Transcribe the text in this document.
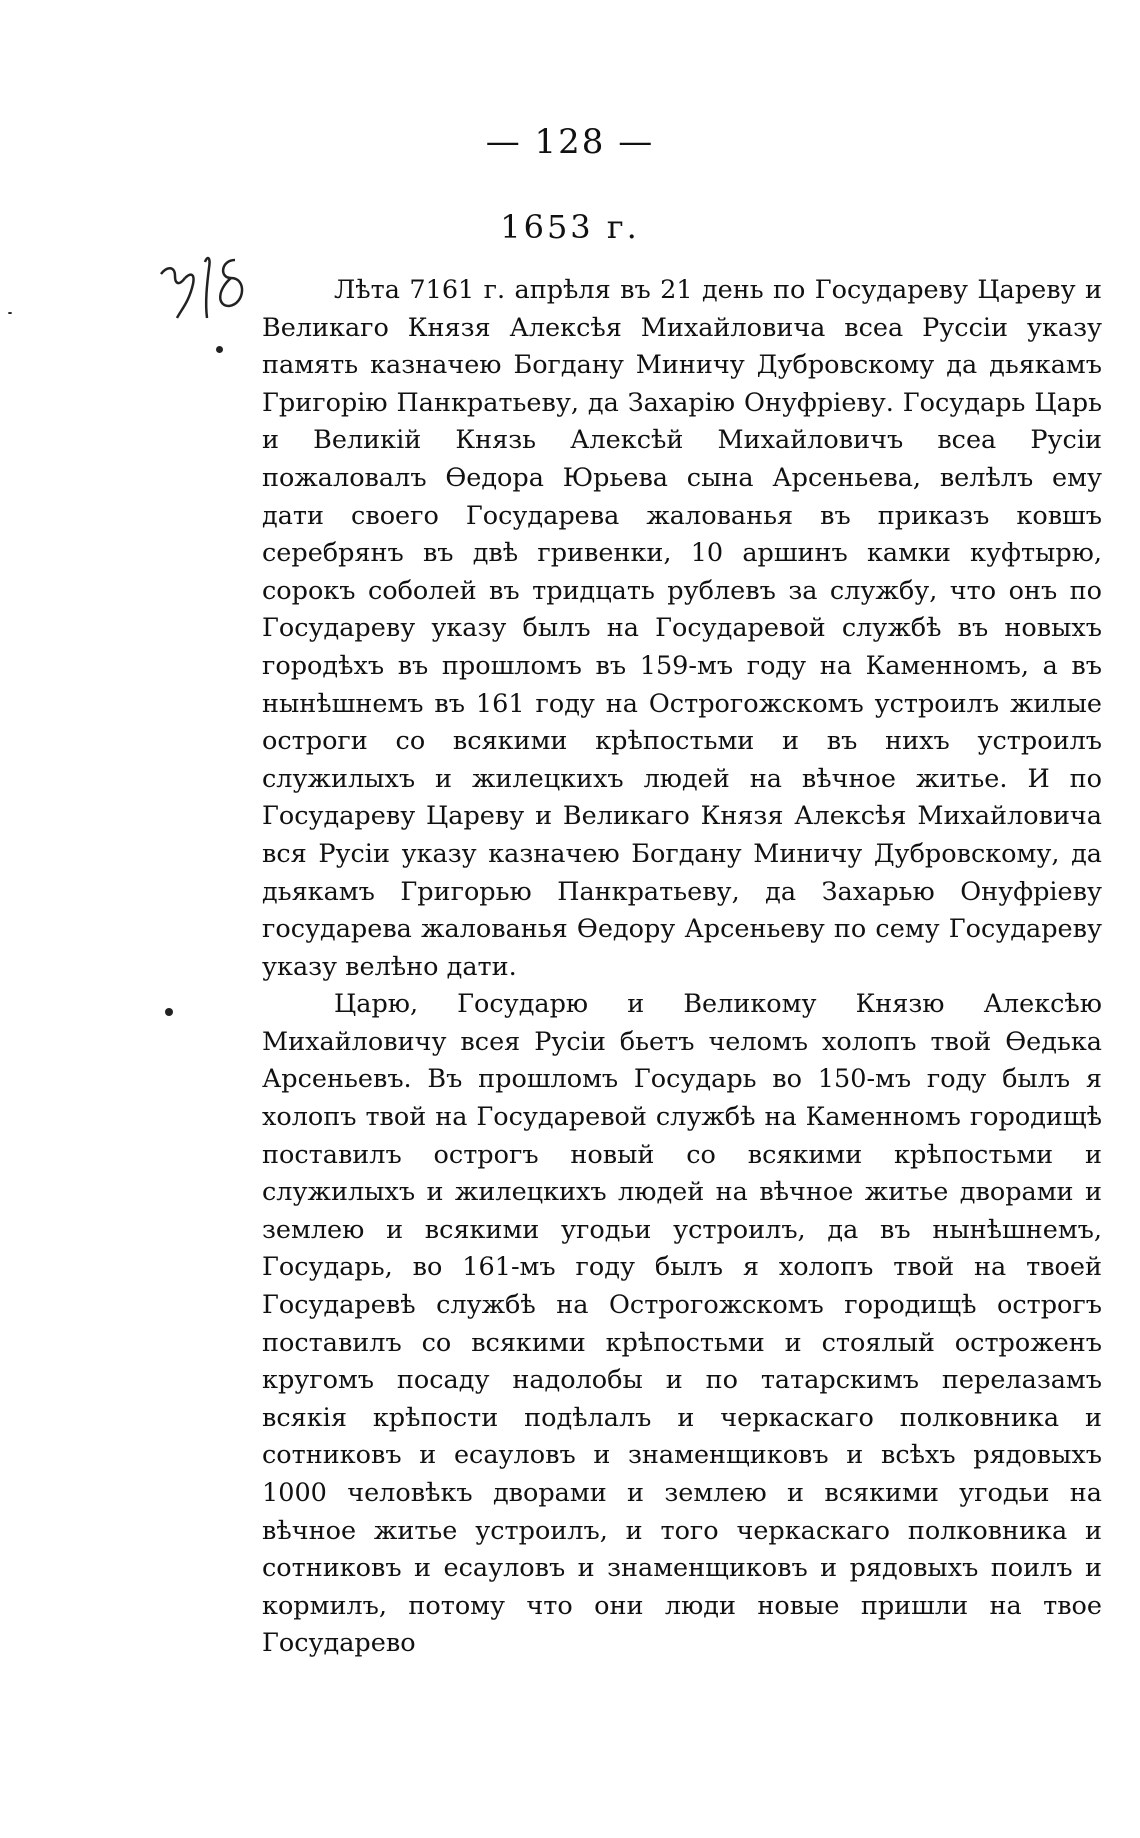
— 128 —
1653 г.

Лѣта 7161 г. апрѣля въ 21 день по Государеву Цареву и Великаго Князя Алексѣя Михайловича всеа Руссіи указу память казначею Богдану Миничу Дубровскому да дьякамъ Григорію Панкратьеву, да Захарію Онуфріеву. Государь Царь и Великій Князь Алексѣй Михайловичъ всеа Русіи пожаловалъ Ѳедора Юрьева сына Арсеньева, велѣлъ ему дати своего Государева жалованья въ приказъ ковшъ серебрянъ въ двѣ гривенки, 10 аршинъ камки куфтырю, сорокъ соболей въ тридцать рублевъ за службу, что онъ по Государеву указу былъ на Государевой службѣ въ новыхъ городѣхъ въ прошломъ въ 159-мъ году на Каменномъ, а въ нынѣшнемъ въ 161 году на Острогожскомъ устроилъ жилые остроги со всякими крѣпостьми и въ нихъ устроилъ служилыхъ и жилецкихъ людей на вѣчное житье. И по Государеву Цареву и Великаго Князя Алексѣя Михайловича вся Русіи указу казначею Богдану Миничу Дубровскому, да дьякамъ Григорью Панкратьеву, да Захарью Онуфріеву государева жалованья Ѳедору Арсеньеву по сему Государеву указу велѣно дати.

Царю, Государю и Великому Князю Алексѣю Михайловичу всея Русіи бьетъ челомъ холопъ твой Ѳедька Арсеньевъ. Въ прошломъ Государь во 150-мъ году былъ я холопъ твой на Государевой службѣ на Каменномъ городищѣ поставилъ острогъ новый со всякими крѣпостьми и служилыхъ и жилецкихъ людей на вѣчное житье дворами и землею и всякими угодьи устроилъ, да въ нынѣшнемъ, Государь, во 161-мъ году былъ я холопъ твой на твоей Государевѣ службѣ на Острогожскомъ городищѣ острогъ поставилъ со всякими крѣпостьми и стоялый остроженъ кругомъ посаду надолобы и по татарскимъ перелазамъ всякія крѣпости подѣлалъ и черкаскаго полковника и сотниковъ и есауловъ и знаменщиковъ и всѣхъ рядовыхъ 1000 человѣкъ дворами и землею и всякими угодьи на вѣчное житье устроилъ, и того черкаскаго полковника и сотниковъ и есауловъ и знаменщиковъ и рядовыхъ поилъ и кормилъ, потому что они люди новые пришли на твое Государево
